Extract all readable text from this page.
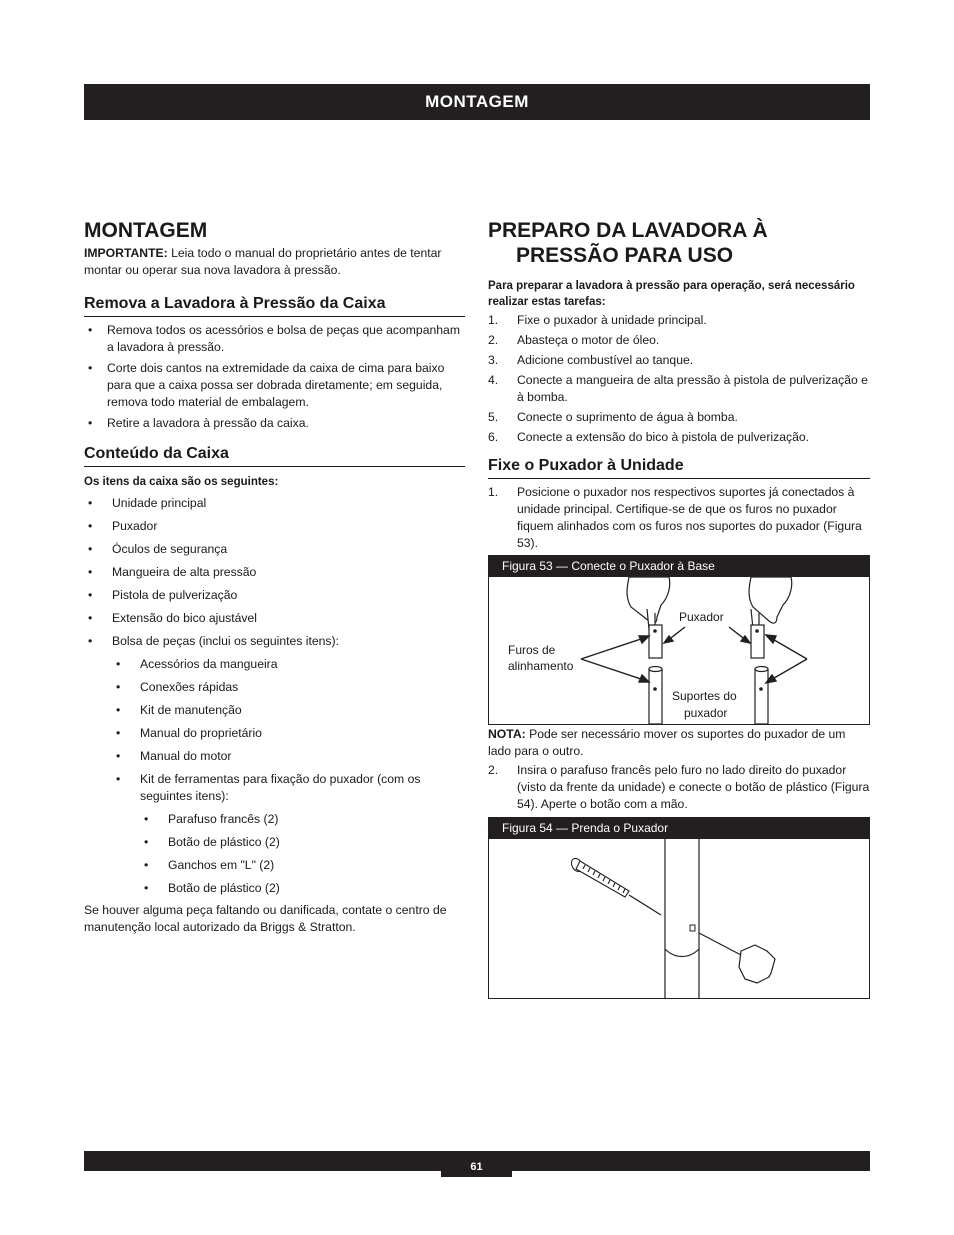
MONTAGEM
MONTAGEM

IMPORTANTE: Leia todo o manual do proprietário antes de tentar montar ou operar sua nova lavadora à pressão.

Remova a Lavadora à Pressão da Caixa
• Remova todos os acessórios e bolsa de peças que acompanham a lavadora à pressão.
• Corte dois cantos na extremidade da caixa de cima para baixo para que a caixa possa ser dobrada diretamente; em seguida, remova todo material de embalagem.
• Retire a lavadora à pressão da caixa.
Conteúdo da Caixa

Os itens da caixa são os seguintes:

• Unidade principal
• Puxador
• Óculos de segurança
• Mangueira de alta pressão
• Pistola de pulverização
• Extensão do bico ajustável
• Bolsa de peças (inclui os seguintes itens):
• Acessórios da mangueira
• Conexões rápidas
• Kit de manutenção
• Manual do proprietário
• Manual do motor
• Kit de ferramentas para fixação do puxador (com os seguintes itens):
• Parafuso francês (2)
• Botão de plástico (2)
• Ganchos em "L" (2)
• Botão de plástico (2)

Se houver alguma peça faltando ou danificada, contate o centro de manutenção local autorizado da Briggs & Stratton.

PREPARO DA LAVADORA À
PRESSÃO PARA USO

Para preparar a lavadora à pressão para operação, será necessário realizar estas tarefas:

1. Fixe o puxador à unidade principal.
2. Abasteça o motor de óleo.
3. Adicione combustível ao tanque.
4. Conecte a mangueira de alta pressão à pistola de pulverização e à bomba.
5. Conecte o suprimento de água à bomba.
6. Conecte a extensão do bico à pistola de pulverização.
Fixe o Puxador à Unidade
1. Posicione o puxador nos respectivos suportes já conectados à unidade principal. Certifique-se de que os furos no puxador fiquem alinhados com os furos nos suportes do puxador (Figura 53).
Figura 53 — Conecte o Puxador à Base
Puxador
Furos de
alinhamento
Suportes do
puxador

NOTA: Pode ser necessário mover os suportes do puxador de um lado para o outro.

2. Insira o parafuso francês pelo furo no lado direito do puxador (visto da frente da unidade) e conecte o botão de plástico (Figura 54). Aperte o botão com a mão.
Figura 54 — Prenda o Puxador
61
